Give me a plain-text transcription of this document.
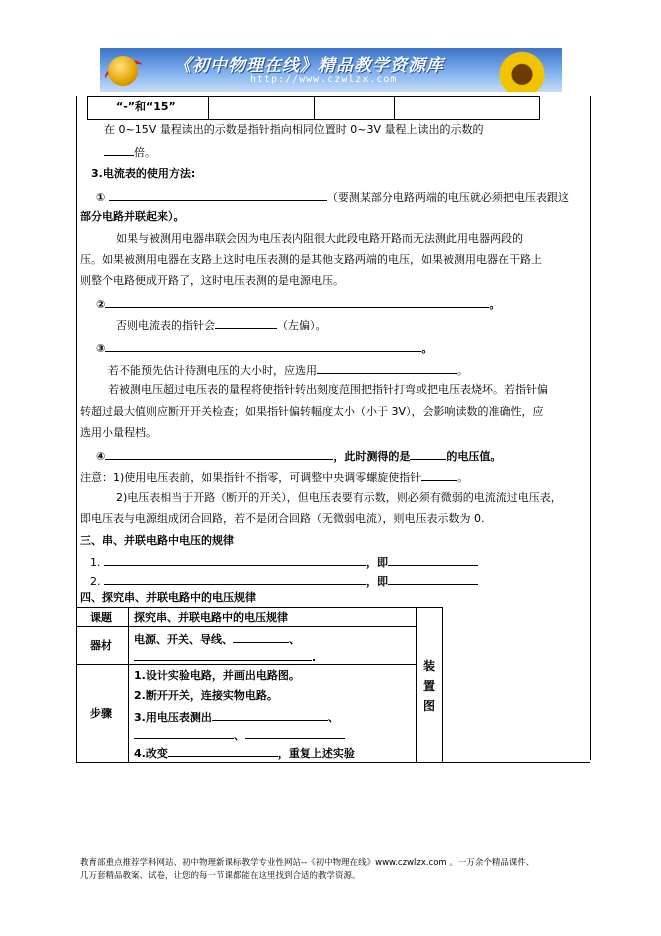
《初中物理在线》精品教学资源库
http://www.czwlzx.com
“-”和“15”
在 0~15V 量程读出的示数是指针指向相同位置时 0~3V 量程上读出的示数的
倍。
3.电流表的使用方法:
①	（要测某部分电路两端的电压就必须把电压表跟这
部分电路并联起来）。
如果与被测用电器串联会因为电压表内阻很大此段电路开路而无法测此用电器两段的
压。如果被测用电器在支路上这时电压表测的是其他支路两端的电压，如果被测用电器在干路上
则整个电路便成开路了，这时电压表测的是电源电压。
②	。
否则电流表的指针会	（左偏）。
③	。
若不能预先估计待测电压的大小时，应选用	。
若被测电压超过电压表的量程将使指针转出刻度范围把指针打弯或把电压表烧坏。若指针偏
转超过最大值则应断开开关检查；如果指针偏转幅度太小（小于 3V），会影响读数的准确性，应
选用小量程档。
④	，此时测得的是	的电压值。
注意：1)使用电压表前，如果指针不指零，可调整中央调零螺旋使指针	。
2)电压表相当于开路（断开的开关），但电压表要有示数，则必须有微弱的电流流过电压表，
即电压表与电源组成闭合回路，若不是闭合回路（无微弱电流），则电压表示数为 0.
三、串、并联电路中电压的规律
1.	，即
2.	，即
四、探究串、并联电路中的电压规律
课题 探究串、并联电路中的电压规律
器材 电源、开关、导线、	、
.
步骤
1.设计实验电路，并画出电路图。
2.断开开关，连接实物电路。
3.用电压表测出	、
、
4.改变	，重复上述实验
装置图
教育部重点推荐学科网站、初中物理新课标教学专业性网站--《初中物理在线》www.czwlzx.com 。一万余个精品课件、
几万套精品教案、试卷，让您的每一节课都能在这里找到合适的教学资源。
